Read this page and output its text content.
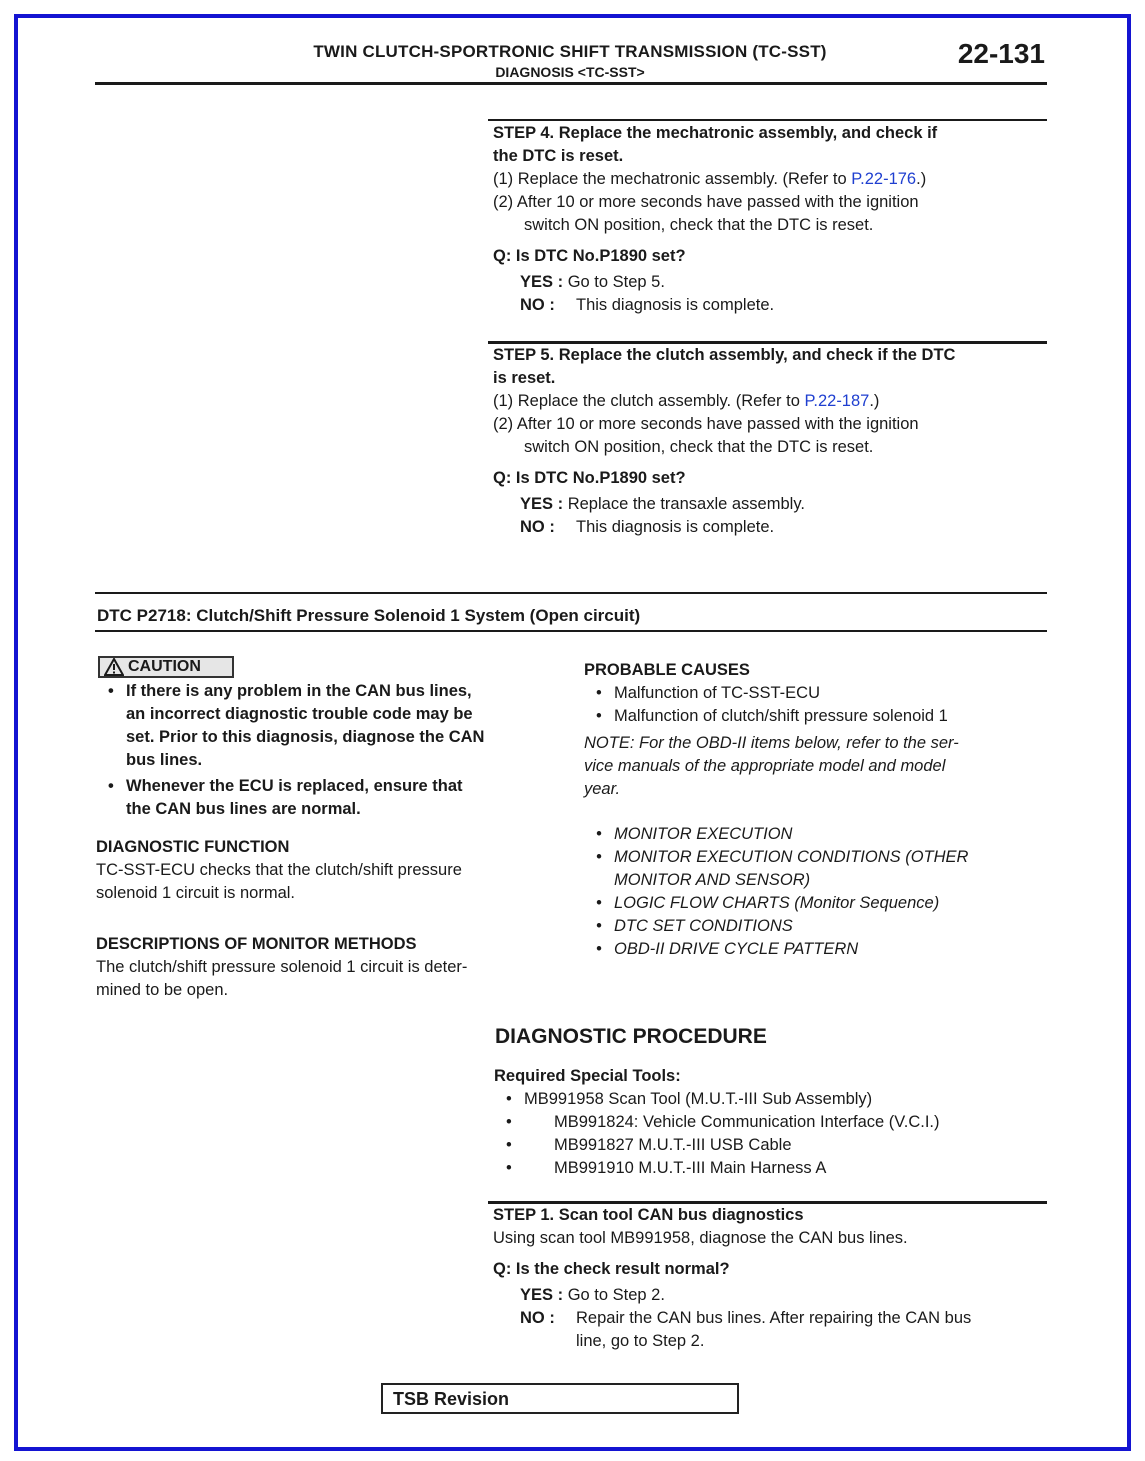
TWIN CLUTCH-SPORTRONIC SHIFT TRANSMISSION (TC-SST)
DIAGNOSIS <TC-SST>
22-131
STEP 4. Replace the mechatronic assembly, and check if
the DTC is reset.
(1) Replace the mechatronic assembly. (Refer to P.22-176.)
(2) After 10 or more seconds have passed with the ignition
switch ON position, check that the DTC is reset.
Q: Is DTC No.P1890 set?
YES : Go to Step 5.
NO : This diagnosis is complete.
STEP 5. Replace the clutch assembly, and check if the DTC
is reset.
(1) Replace the clutch assembly. (Refer to P.22-187.)
(2) After 10 or more seconds have passed with the ignition
switch ON position, check that the DTC is reset.
Q: Is DTC No.P1890 set?
YES : Replace the transaxle assembly.
NO : This diagnosis is complete.
DTC P2718: Clutch/Shift Pressure Solenoid 1 System (Open circuit)
CAUTION
• If there is any problem in the CAN bus lines,
an incorrect diagnostic trouble code may be
set. Prior to this diagnosis, diagnose the CAN
bus lines.
• Whenever the ECU is replaced, ensure that
the CAN bus lines are normal.
DIAGNOSTIC FUNCTION
TC-SST-ECU checks that the clutch/shift pressure
solenoid 1 circuit is normal.
DESCRIPTIONS OF MONITOR METHODS
The clutch/shift pressure solenoid 1 circuit is deter-
mined to be open.
PROBABLE CAUSES
• Malfunction of TC-SST-ECU
• Malfunction of clutch/shift pressure solenoid 1
NOTE: For the OBD-II items below, refer to the ser-
vice manuals of the appropriate model and model
year.
• MONITOR EXECUTION
• MONITOR EXECUTION CONDITIONS (OTHER
MONITOR AND SENSOR)
• LOGIC FLOW CHARTS (Monitor Sequence)
• DTC SET CONDITIONS
• OBD-II DRIVE CYCLE PATTERN
DIAGNOSTIC PROCEDURE
Required Special Tools:
• MB991958 Scan Tool (M.U.T.-III Sub Assembly)
• MB991824: Vehicle Communication Interface (V.C.I.)
• MB991827 M.U.T.-III USB Cable
• MB991910 M.U.T.-III Main Harness A
STEP 1. Scan tool CAN bus diagnostics
Using scan tool MB991958, diagnose the CAN bus lines.
Q: Is the check result normal?
YES : Go to Step 2.
NO : Repair the CAN bus lines. After repairing the CAN bus
line, go to Step 2.
TSB Revision
